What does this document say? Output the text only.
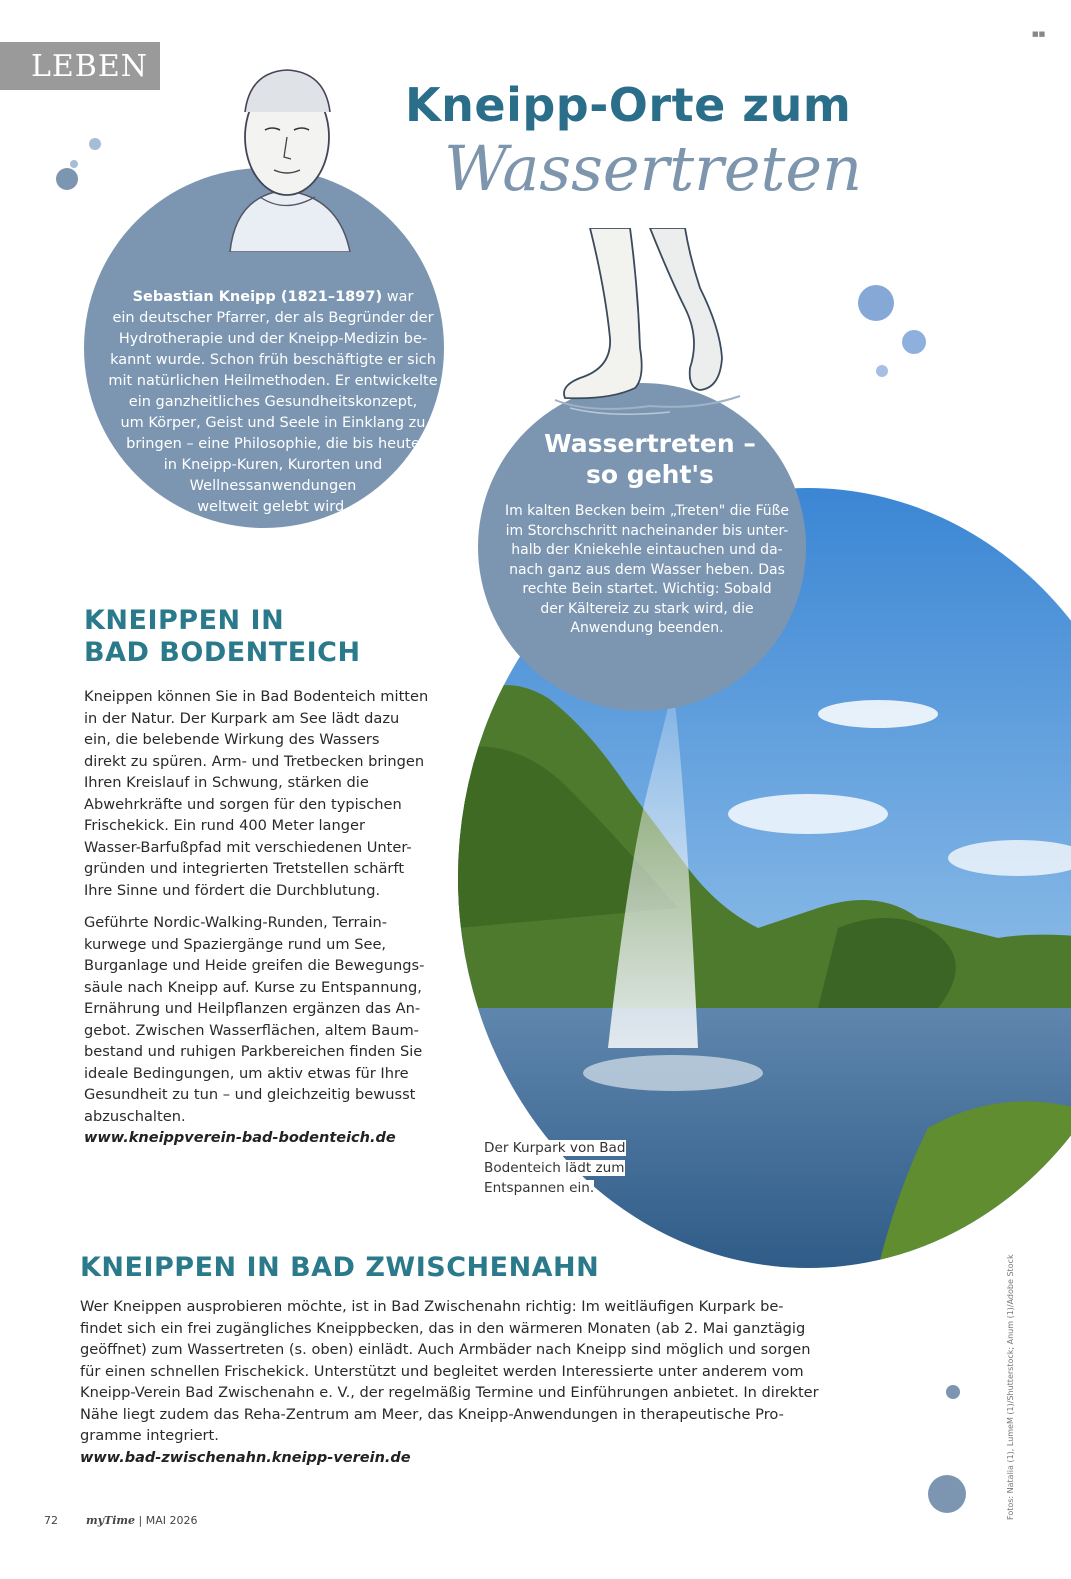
LEBEN
■■
Kneipp-Orte zum
Wassertreten
Sebastian Kneipp (1821–1897) war
ein deutscher Pfarrer, der als Begründer der
Hydrotherapie und der Kneipp-Medizin be-
kannt wurde. Schon früh beschäftigte er sich
mit natürlichen Heilmethoden. Er entwickelte
ein ganzheitliches Gesundheitskonzept,
um Körper, Geist und Seele in Einklang zu
bringen – eine Philosophie, die bis heute
in Kneipp-Kuren, Kurorten und
Wellnessanwendungen
weltweit gelebt wird.
Wassertreten –
so geht's
Im kalten Becken beim „Treten" die Füße
im Storchschritt nacheinander bis unter-
halb der Kniekehle eintauchen und da-
nach ganz aus dem Wasser heben. Das
rechte Bein startet. Wichtig: Sobald
der Kältereiz zu stark wird, die
Anwendung beenden.
KNEIPPEN IN
BAD BODENTEICH
Kneippen können Sie in Bad Bodenteich mitten
in der Natur. Der Kurpark am See lädt dazu
ein, die belebende Wirkung des Wassers
direkt zu spüren. Arm- und Tretbecken bringen
Ihren Kreislauf in Schwung, stärken die
Abwehrkräfte und sorgen für den typischen
Frischekick. Ein rund 400 Meter langer
Wasser-Barfußpfad mit verschiedenen Unter-
gründen und integrierten Tretstellen schärft
Ihre Sinne und fördert die Durchblutung.
Geführte Nordic-Walking-Runden, Terrain-
kurwege und Spaziergänge rund um See,
Burganlage und Heide greifen die Bewegungs-
säule nach Kneipp auf. Kurse zu Entspannung,
Ernährung und Heilpflanzen ergänzen das An-
gebot. Zwischen Wasserflächen, altem Baum-
bestand und ruhigen Parkbereichen finden Sie
ideale Bedingungen, um aktiv etwas für Ihre
Gesundheit zu tun – und gleichzeitig bewusst
abzuschalten.
www.kneippverein-bad-bodenteich.de
Der Kurpark von Bad
Bodenteich lädt zum
Entspannen ein.
KNEIPPEN IN BAD ZWISCHENAHN
Wer Kneippen ausprobieren möchte, ist in Bad Zwischenahn richtig: Im weitläufigen Kurpark be-
findet sich ein frei zugängliches Kneippbecken, das in den wärmeren Monaten (ab 2. Mai ganztägig
geöffnet) zum Wassertreten (s. oben) einlädt. Auch Armbäder nach Kneipp sind möglich und sorgen
für einen schnellen Frischekick. Unterstützt und begleitet werden Interessierte unter anderem vom
Kneipp-Verein Bad Zwischenahn e. V., der regelmäßig Termine und Einführungen anbietet. In direkter
Nähe liegt zudem das Reha-Zentrum am Meer, das Kneipp-Anwendungen in therapeutische Pro-
gramme integriert.
www.bad-zwischenahn.kneipp-verein.de	Fotos: Natalia (1), LumeM (1)/Shutterstock; Anum (1)/Adobe Stock
72	myTime | MAI 2026
